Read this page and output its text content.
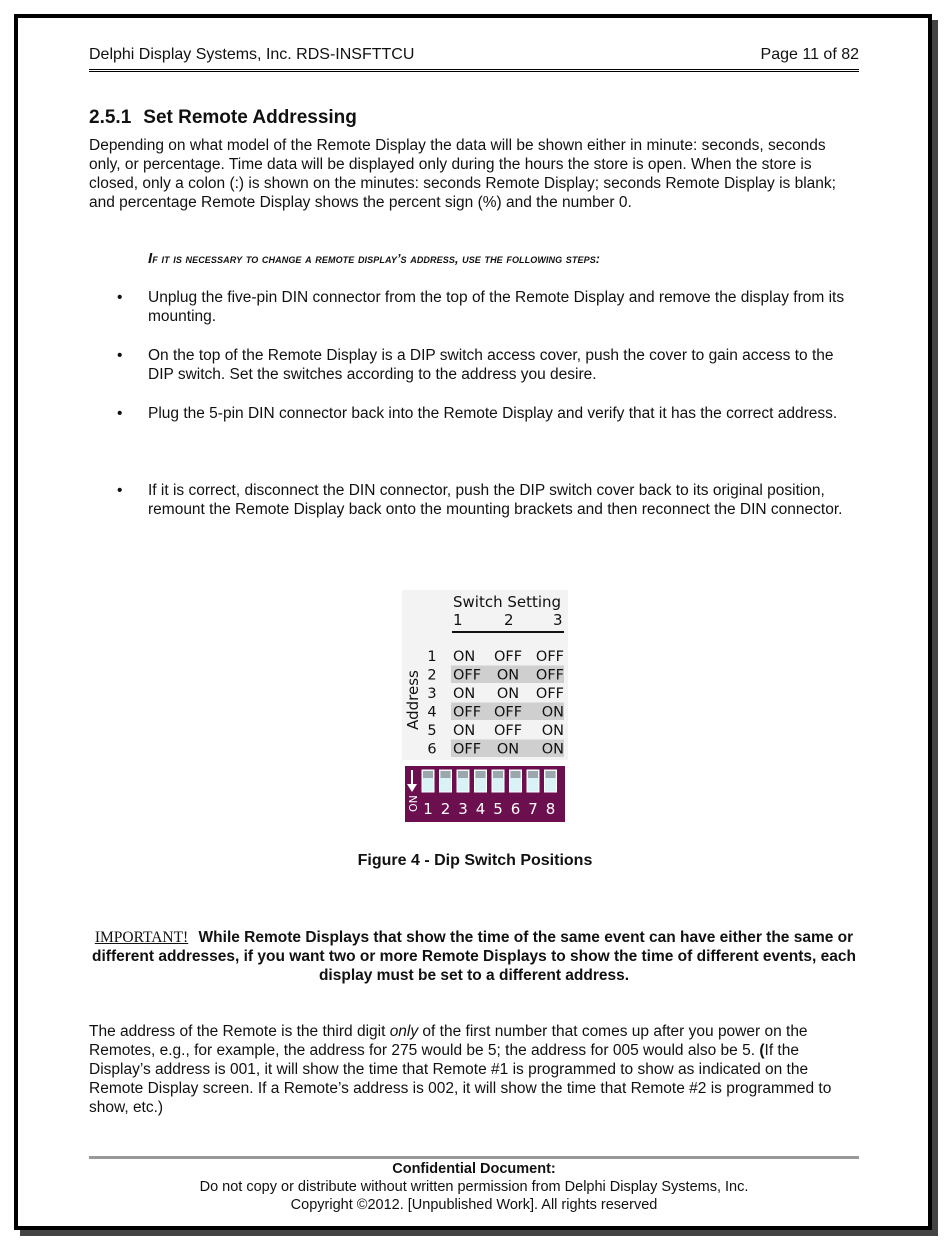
Delphi Display Systems, Inc. RDS-INSFTTCU	Page 11 of 82
2.5.1 Set Remote Addressing
Depending on what model of the Remote Display the data will be shown either in minute: seconds, seconds only, or percentage. Time data will be displayed only during the hours the store is open. When the store is closed, only a colon (:) is shown on the minutes: seconds Remote Display; seconds Remote Display is blank; and percentage Remote Display shows the percent sign (%) and the number 0.
If it is necessary to change a remote display’s address, use the following steps:
• Unplug the five-pin DIN connector from the top of the Remote Display and remove the display from its mounting.
• On the top of the Remote Display is a DIP switch access cover, push the cover to gain access to the DIP switch. Set the switches according to the address you desire.
• Plug the 5-pin DIN connector back into the Remote Display and verify that it has the correct address.
• If it is correct, disconnect the DIN connector, push the DIP switch cover back to its original position, remount the Remote Display back onto the mounting brackets and then reconnect the DIN connector.
Switch Setting
1	2	3
Address
1 ON OFF OFF
2 OFF ON OFF
3 ON ON OFF
4 OFF OFF ON
5 ON OFF ON
6 OFF ON ON
1 2 3 4 5 6 7 8
ON
Figure 4 - Dip Switch Positions
IMPORTANT! While Remote Displays that show the time of the same event can have either the same or different addresses, if you want two or more Remote Displays to show the time of different events, each display must be set to a different address.
The address of the Remote is the third digit only of the first number that comes up after you power on the Remotes, e.g., for example, the address for 275 would be 5; the address for 005 would also be 5. (If the Display’s address is 001, it will show the time that Remote #1 is programmed to show as indicated on the Remote Display screen. If a Remote’s address is 002, it will show the time that Remote #2 is programmed to show, etc.)
Confidential Document:
Do not copy or distribute without written permission from Delphi Display Systems, Inc.
Copyright ©2012. [Unpublished Work]. All rights reserved
